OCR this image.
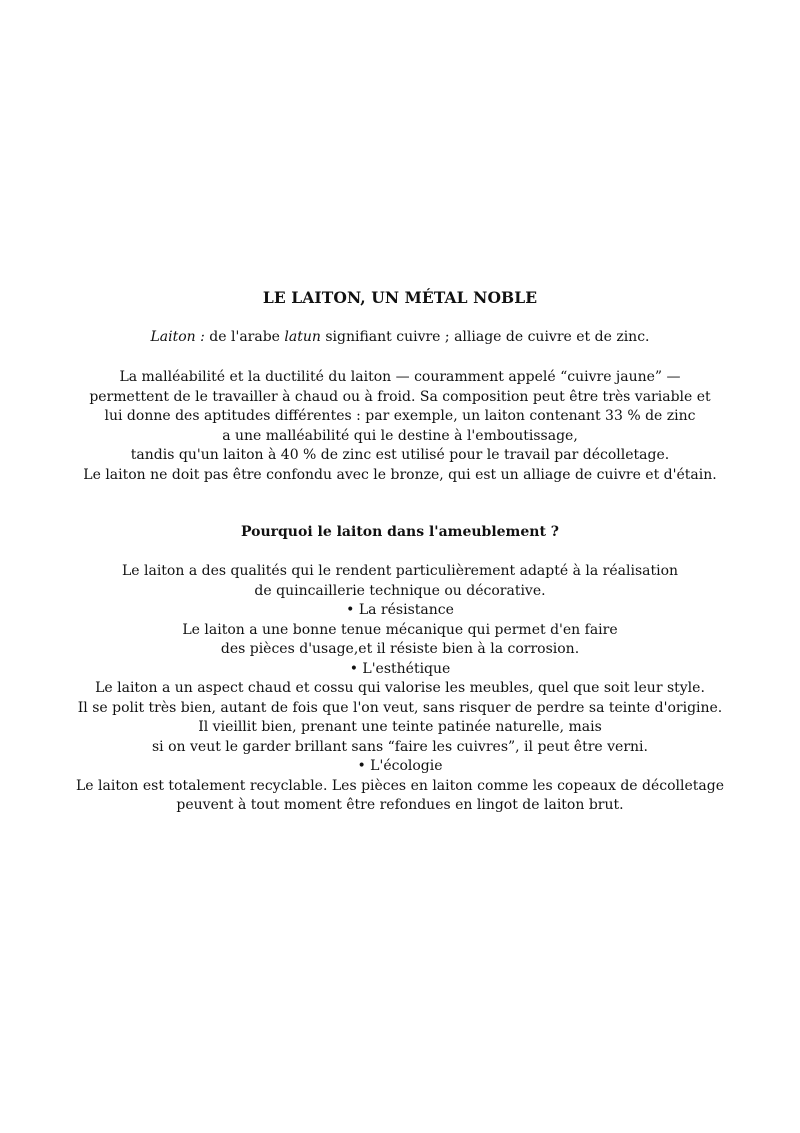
LE LAITON, UN MÉTAL NOBLE
Laiton : de l'arabe latun signifiant cuivre ; alliage de cuivre et de zinc.
La malléabilité et la ductilité du laiton — couramment appelé “cuivre jaune” —
permettent de le travailler à chaud ou à froid. Sa composition peut être très variable et
lui donne des aptitudes différentes : par exemple, un laiton contenant 33 % de zinc
a une malléabilité qui le destine à l'emboutissage,
tandis qu'un laiton à 40 % de zinc est utilisé pour le travail par décolletage.
Le laiton ne doit pas être confondu avec le bronze, qui est un alliage de cuivre et d'étain.
Pourquoi le laiton dans l'ameublement ?
Le laiton a des qualités qui le rendent particulièrement adapté à la réalisation
de quincaillerie technique ou décorative.
• La résistance
Le laiton a une bonne tenue mécanique qui permet d'en faire
des pièces d'usage,et il résiste bien à la corrosion.
• L'esthétique
Le laiton a un aspect chaud et cossu qui valorise les meubles, quel que soit leur style.
Il se polit très bien, autant de fois que l'on veut, sans risquer de perdre sa teinte d'origine.
Il vieillit bien, prenant une teinte patinée naturelle, mais
si on veut le garder brillant sans “faire les cuivres”, il peut être verni.
• L'écologie
Le laiton est totalement recyclable. Les pièces en laiton comme les copeaux de décolletage
peuvent à tout moment être refondues en lingot de laiton brut.
